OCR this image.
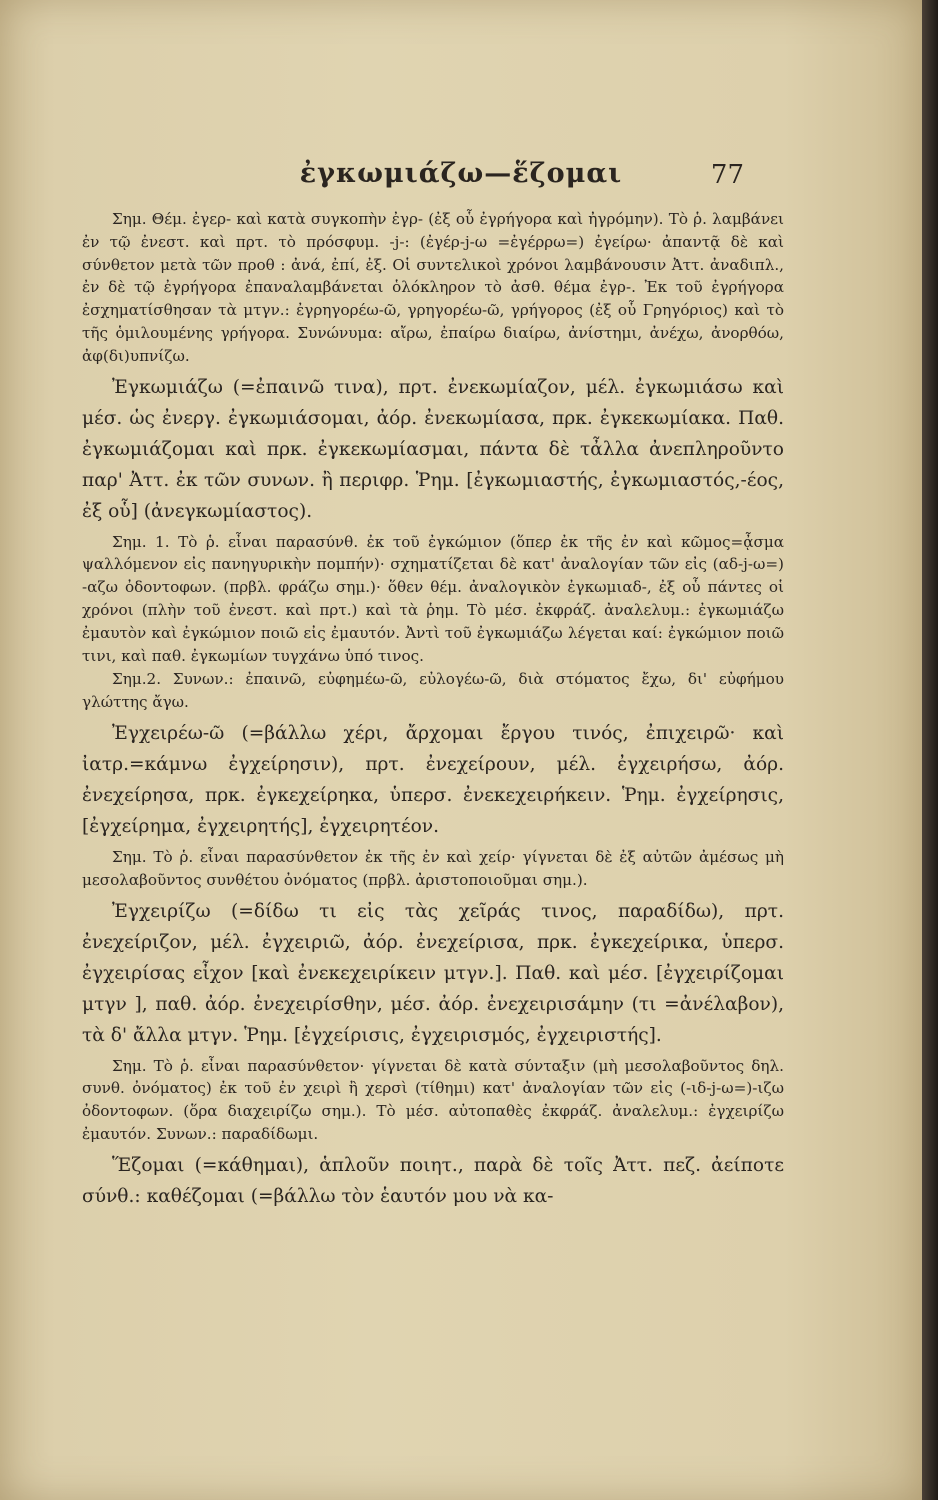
ἐγκωμιάζω—ἕζομαι	77

Σημ. Θέμ. ἐγερ- καὶ κατὰ συγκοπὴν ἐγρ- (ἐξ οὗ ἐγρήγορα καὶ ἠγρόμην). Τὸ ῥ. λαμβάνει ἐν τῷ ἐνεστ. καὶ πρτ. τὸ πρόσφυμ. -j-: (ἐγέρ-j-ω =ἐγέρρω=) ἐγείρω· ἀπαντᾷ δὲ καὶ σύνθετον μετὰ τῶν προθ : ἀνά, ἐπί, ἐξ. Οἱ συντελικοὶ χρόνοι λαμβάνουσιν Ἀττ. ἀναδιπλ., ἐν δὲ τῷ ἐγρήγορα ἐπαναλαμβάνεται ὁλόκληρον τὸ ἀσθ. θέμα ἐγρ-. Ἐκ τοῦ ἐγρήγορα ἐσχηματίσθησαν τὰ μτγν.: ἐγρηγορέω-ῶ, γρηγορέω-ῶ, γρήγορος (ἐξ οὗ Γρηγόριος) καὶ τὸ τῆς ὁμιλουμένης γρήγορα. Συνώνυμα: αἴρω, ἐπαίρω διαίρω, ἀνίστημι, ἀνέχω, ἀνορθόω, ἀφ(δι)υπνίζω.

Ἐγκωμιάζω (=ἐπαινῶ τινα), πρτ. ἐνεκωμίαζον, μέλ. ἐγκωμιάσω καὶ μέσ. ὡς ἐνεργ. ἐγκωμιάσομαι, ἀόρ. ἐνεκωμίασα, πρκ. ἐγκεκωμίακα. Παθ. ἐγκωμιάζομαι καὶ πρκ. ἐγκεκωμίασμαι, πάντα δὲ τἆλλα ἀνεπληροῦντο παρ' Ἀττ. ἐκ τῶν συνων. ἢ περιφρ. Ῥημ. [ἐγκωμιαστής, ἐγκωμιαστός,-έος, ἐξ οὗ] (ἀνεγκωμίαστος).

Σημ. 1. Τὸ ῥ. εἶναι παρασύνθ. ἐκ τοῦ ἐγκώμιον (ὅπερ ἐκ τῆς ἐν καὶ κῶμος=ᾆσμα ψαλλόμενον εἰς πανηγυρικὴν πομπήν)· σχηματίζεται δὲ κατ' ἀναλογίαν τῶν εἰς (αδ-j-ω=) -αζω ὀδοντοφων. (πρβλ. φράζω σημ.)· ὅθεν θέμ. ἀναλογικὸν ἐγκωμιαδ-, ἐξ οὗ πάντες οἱ χρόνοι (πλὴν τοῦ ἐνεστ. καὶ πρτ.) καὶ τὰ ῥημ. Τὸ μέσ. ἐκφράζ. ἀναλελυμ.: ἐγκωμιάζω ἐμαυτὸν καὶ ἐγκώμιον ποιῶ εἰς ἐμαυτόν. Ἀντὶ τοῦ ἐγκωμιάζω λέγεται καί: ἐγκώμιον ποιῶ τινι, καὶ παθ. ἐγκωμίων τυγχάνω ὑπό τινος.

Σημ.2. Συνων.: ἐπαινῶ, εὐφημέω-ῶ, εὐλογέω-ῶ, διὰ στόματος ἔχω, δι' εὐφήμου γλώττης ἄγω.

Ἐγχειρέω-ῶ (=βάλλω χέρι, ἄρχομαι ἔργου τινός, ἐπιχειρῶ· καὶ ἰατρ.=κάμνω ἐγχείρησιν), πρτ. ἐνεχείρουν, μέλ. ἐγχειρήσω, ἀόρ. ἐνεχείρησα, πρκ. ἐγκεχείρηκα, ὑπερσ. ἐνεκεχειρήκειν. Ῥημ. ἐγχείρησις, [ἐγχείρημα, ἐγχειρητής], ἐγχειρητέον.

Σημ. Τὸ ῥ. εἶναι παρασύνθετον ἐκ τῆς ἐν καὶ χείρ· γίγνεται δὲ ἐξ αὐτῶν ἀμέσως μὴ μεσολαβοῦντος συνθέτου ὀνόματος (πρβλ. ἀριστοποιοῦμαι σημ.).

Ἐγχειρίζω (=δίδω τι εἰς τὰς χεῖράς τινος, παραδίδω), πρτ. ἐνεχείριζον, μέλ. ἐγχειριῶ, ἀόρ. ἐνεχείρισα, πρκ. ἐγκεχείρικα, ὑπερσ. ἐγχειρίσας εἶχον [καὶ ἐνεκεχειρίκειν μτγν.]. Παθ. καὶ μέσ. [ἐγχειρίζομαι μτγν ], παθ. ἀόρ. ἐνεχειρίσθην, μέσ. ἀόρ. ἐνεχειρισάμην (τι =ἀνέλαβον), τὰ δ' ἄλλα μτγν. Ῥημ. [ἐγχείρισις, ἐγχειρισμός, ἐγχειριστής].

Σημ. Τὸ ῥ. εἶναι παρασύνθετον· γίγνεται δὲ κατὰ σύνταξιν (μὴ μεσολαβοῦντος δηλ. συνθ. ὀνόματος) ἐκ τοῦ ἐν χειρὶ ἢ χερσὶ (τίθημι) κατ' ἀναλογίαν τῶν εἰς (-ιδ-j-ω=)-ιζω ὀδοντοφων. (ὅρα διαχειρίζω σημ.). Τὸ μέσ. αὐτοπαθὲς ἐκφράζ. ἀναλελυμ.: ἐγχειρίζω ἐμαυτόν. Συνων.: παραδίδωμι.

Ἕζομαι (=κάθημαι), ἁπλοῦν ποιητ., παρὰ δὲ τοῖς Ἀττ. πεζ. ἀείποτε σύνθ.: καθέζομαι (=βάλλω τὸν ἑαυτόν μου νὰ κα-
